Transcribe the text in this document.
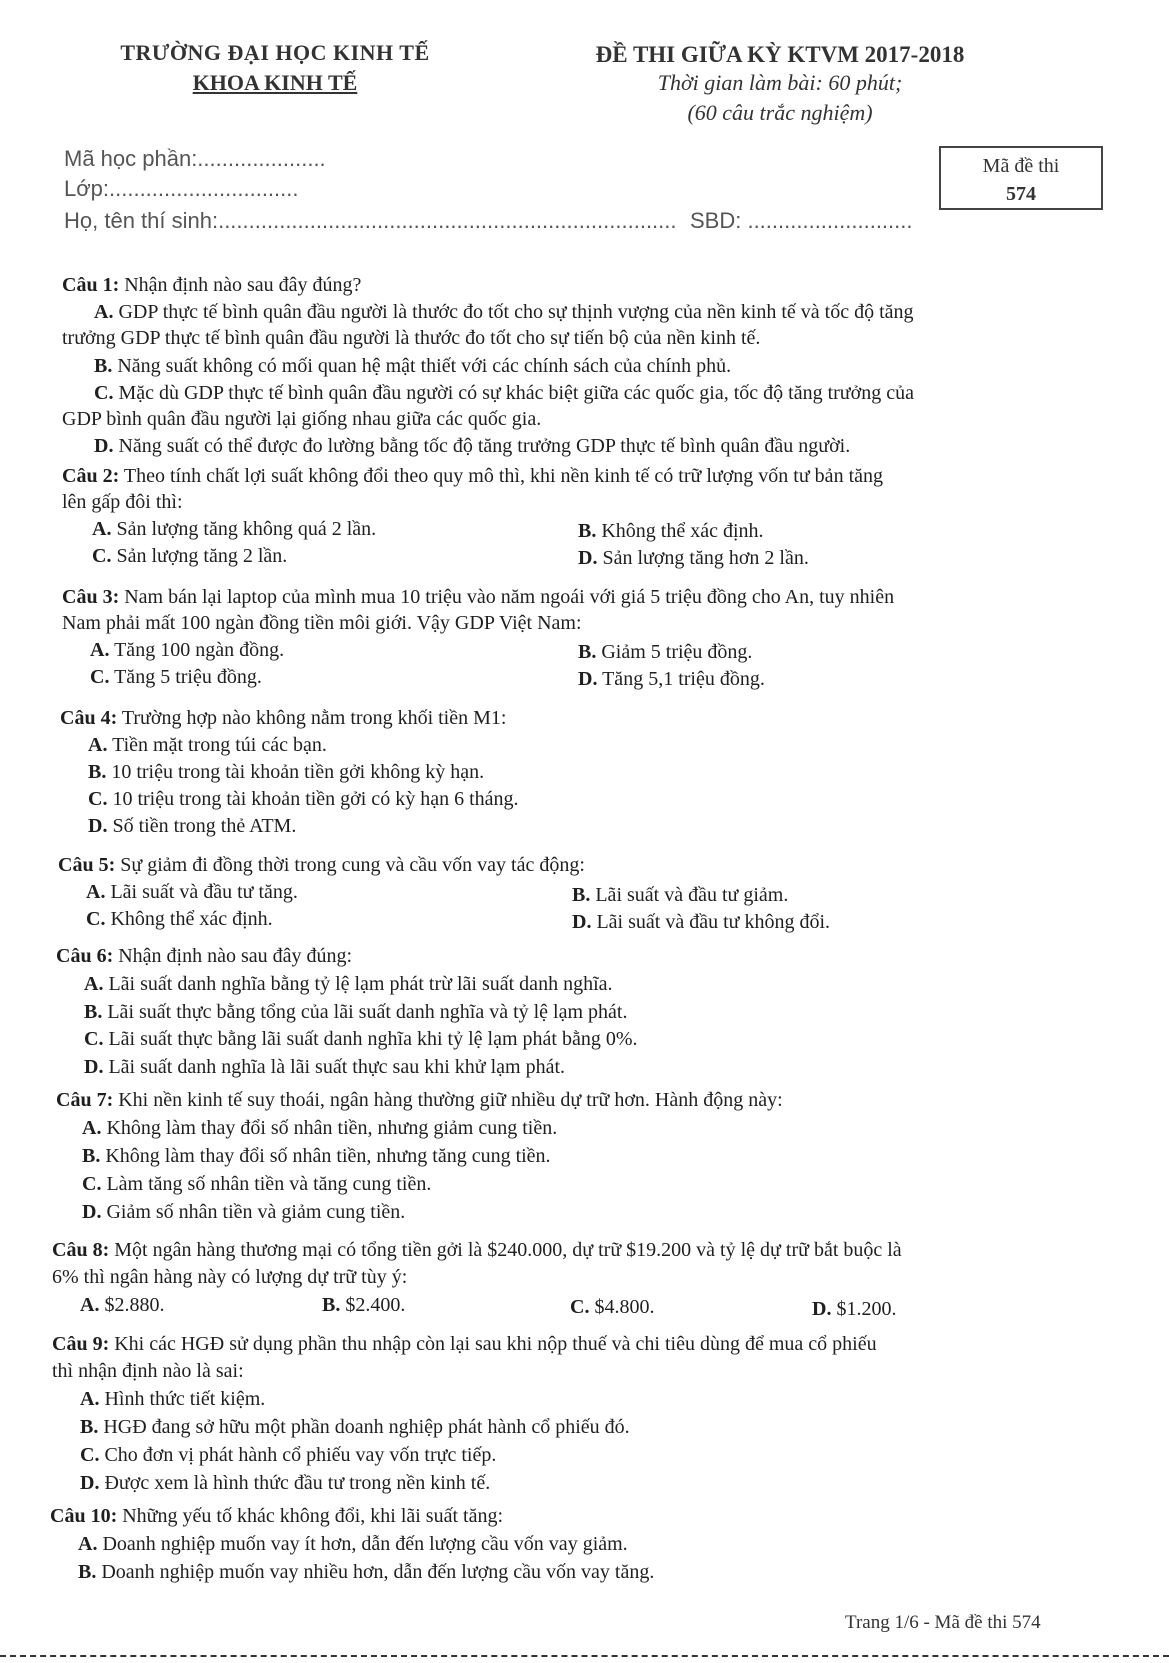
TRƯỜNG ĐẠI HỌC KINH TẾ
KHOA KINH TẾ
ĐỀ THI GIỮA KỲ KTVM 2017-2018
Thời gian làm bài: 60 phút;
(60 câu trắc nghiệm)
Mã đề thi
574
Mã học phần:.....................
Lớp:...............................
Họ, tên thí sinh:........................................................................... SBD: ...........................
Câu 1: Nhận định nào sau đây đúng?
A. GDP thực tế bình quân đầu người là thước đo tốt cho sự thịnh vượng của nền kinh tế và tốc độ tăng
trưởng GDP thực tế bình quân đầu người là thước đo tốt cho sự tiến bộ của nền kinh tế.
B. Năng suất không có mối quan hệ mật thiết với các chính sách của chính phủ.
C. Mặc dù GDP thực tế bình quân đầu người có sự khác biệt giữa các quốc gia, tốc độ tăng trưởng của
GDP bình quân đầu người lại giống nhau giữa các quốc gia.
D. Năng suất có thể được đo lường bằng tốc độ tăng trưởng GDP thực tế bình quân đầu người.
Câu 2: Theo tính chất lợi suất không đổi theo quy mô thì, khi nền kinh tế có trữ lượng vốn tư bản tăng
lên gấp đôi thì:
A. Sản lượng tăng không quá 2 lần.	B. Không thể xác định.
C. Sản lượng tăng 2 lần.	D. Sản lượng tăng hơn 2 lần.
Câu 3: Nam bán lại laptop của mình mua 10 triệu vào năm ngoái với giá 5 triệu đồng cho An, tuy nhiên
Nam phải mất 100 ngàn đồng tiền môi giới. Vậy GDP Việt Nam:
A. Tăng 100 ngàn đồng.	B. Giảm 5 triệu đồng.
C. Tăng 5 triệu đồng.	D. Tăng 5,1 triệu đồng.
Câu 4: Trường hợp nào không nằm trong khối tiền M1:
A. Tiền mặt trong túi các bạn.
B. 10 triệu trong tài khoản tiền gởi không kỳ hạn.
C. 10 triệu trong tài khoản tiền gởi có kỳ hạn 6 tháng.
D. Số tiền trong thẻ ATM.
Câu 5: Sự giảm đi đồng thời trong cung và cầu vốn vay tác động:
A. Lãi suất và đầu tư tăng.	B. Lãi suất và đầu tư giảm.
C. Không thể xác định.	D. Lãi suất và đầu tư không đổi.
Câu 6: Nhận định nào sau đây đúng:
A. Lãi suất danh nghĩa bằng tỷ lệ lạm phát trừ lãi suất danh nghĩa.
B. Lãi suất thực bằng tổng của lãi suất danh nghĩa và tỷ lệ lạm phát.
C. Lãi suất thực bằng lãi suất danh nghĩa khi tỷ lệ lạm phát bằng 0%.
D. Lãi suất danh nghĩa là lãi suất thực sau khi khử lạm phát.
Câu 7: Khi nền kinh tế suy thoái, ngân hàng thường giữ nhiều dự trữ hơn. Hành động này:
A. Không làm thay đổi số nhân tiền, nhưng giảm cung tiền.
B. Không làm thay đổi số nhân tiền, nhưng tăng cung tiền.
C. Làm tăng số nhân tiền và tăng cung tiền.
D. Giảm số nhân tiền và giảm cung tiền.
Câu 8: Một ngân hàng thương mại có tổng tiền gởi là $240.000, dự trữ $19.200 và tỷ lệ dự trữ bắt buộc là
6% thì ngân hàng này có lượng dự trữ tùy ý:
A. $2.880.	B. $2.400.	C. $4.800.	D. $1.200.
Câu 9: Khi các HGĐ sử dụng phần thu nhập còn lại sau khi nộp thuế và chi tiêu dùng để mua cổ phiếu
thì nhận định nào là sai:
A. Hình thức tiết kiệm.
B. HGĐ đang sở hữu một phần doanh nghiệp phát hành cổ phiếu đó.
C. Cho đơn vị phát hành cổ phiếu vay vốn trực tiếp.
D. Được xem là hình thức đầu tư trong nền kinh tế.
Câu 10: Những yếu tố khác không đổi, khi lãi suất tăng:
A. Doanh nghiệp muốn vay ít hơn, dẫn đến lượng cầu vốn vay giảm.
B. Doanh nghiệp muốn vay nhiều hơn, dẫn đến lượng cầu vốn vay tăng.
Trang 1/6 - Mã đề thi 574
